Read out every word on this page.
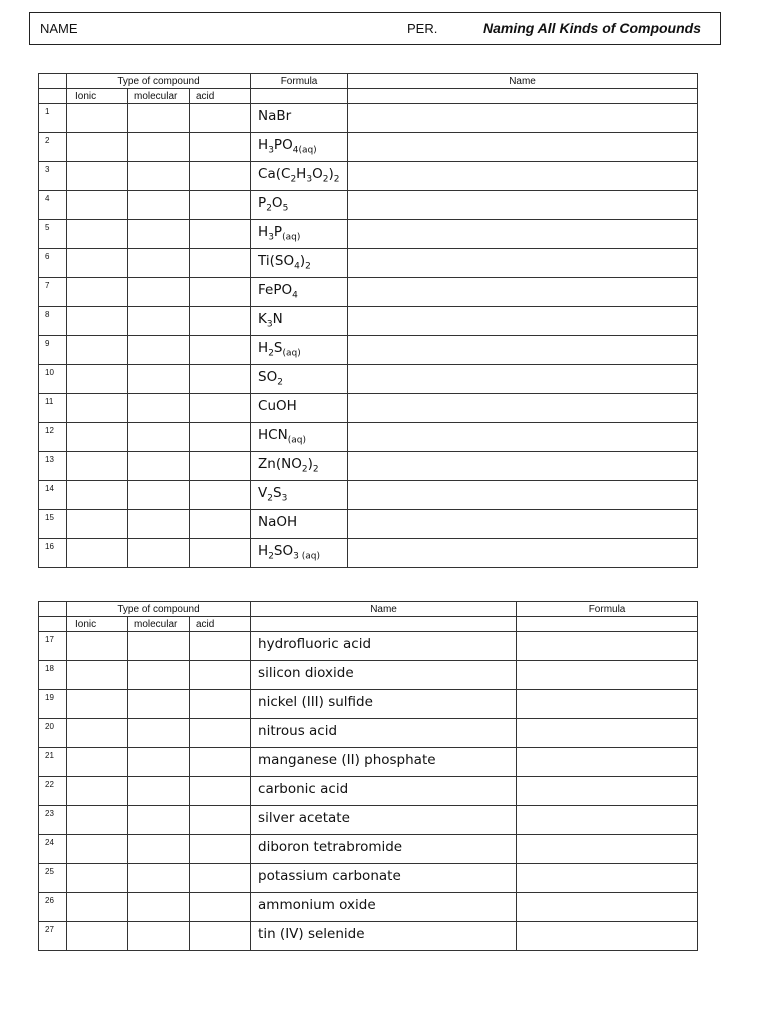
NAME	PER.	Naming All Kinds of Compounds
	Type of compound			Formula	Name
	Ionic	molecular	acid		
1				NaBr	
2				$H_3PO_{4(aq)}$	
3				$Ca(C_2H_3O_2)_2$	
4				$P_2O_5$	
5				$H_3P_{(aq)}$	
6				$Ti(SO_4)_2$	
7				FePO$_4$	
8				$K_3N$	
9				$H_2S_{(aq)}$	
10				$SO_2$	
11				CuOH	
12				$HCN_{(aq)}$	
13				$Zn(NO_2)_2$	
14				$V_2S_3$	
15				NaOH	
16				$H_2SO_3$ $_{(aq)}$	
	Type of compound			Name	Formula
	Ionic	molecular	acid		
17				hydrofluoric acid	
18				silicon dioxide	
19				nickel (III) sulfide	
20				nitrous acid	
21				manganese (II) phosphate	
22				carbonic acid	
23				silver acetate	
24				diboron tetrabromide	
25				potassium carbonate	
26				ammonium oxide	
27				tin (IV) selenide	
